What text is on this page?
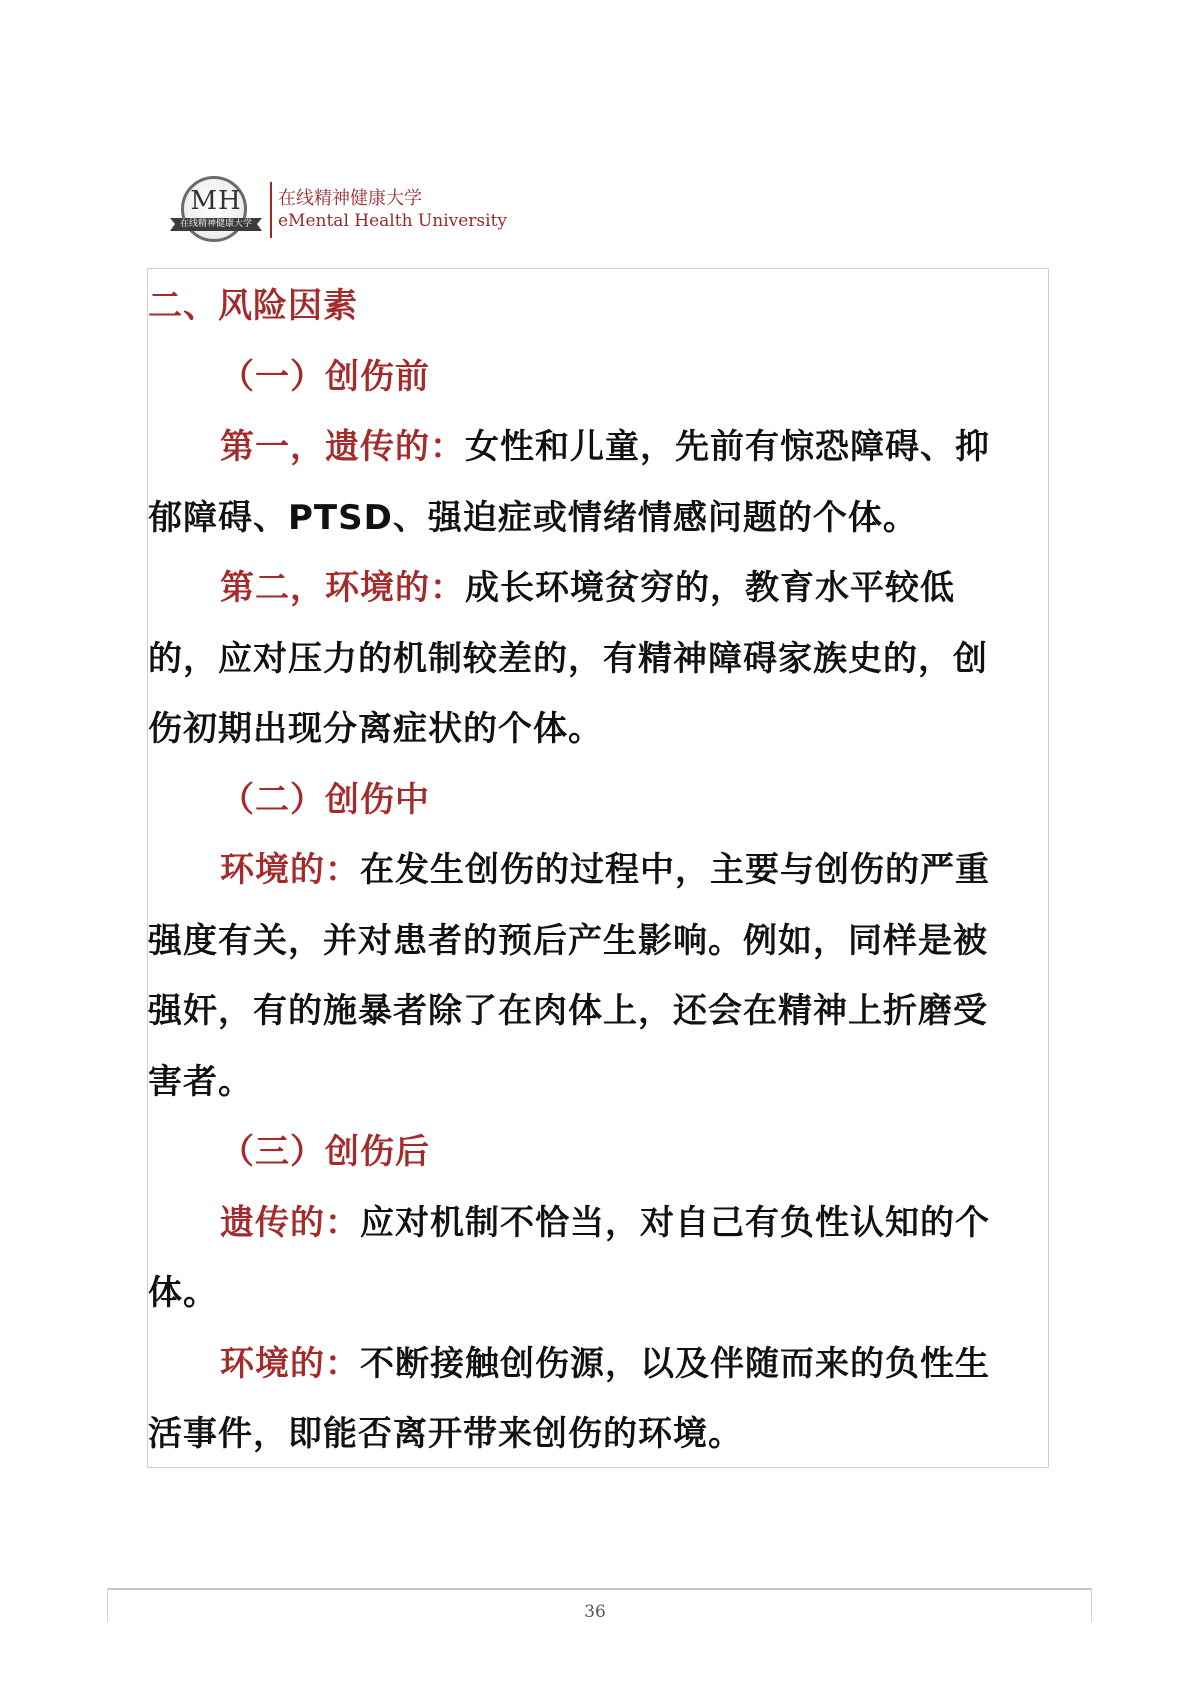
MH
在线精神健康大学
在线精神健康大学
eMental Health University
二、风险因素
（一）创伤前
第一，遗传的：女性和儿童，先前有惊恐障碍、抑
郁障碍、PTSD、强迫症或情绪情感问题的个体。
第二，环境的：成长环境贫穷的，教育水平较低
的，应对压力的机制较差的，有精神障碍家族史的，创
伤初期出现分离症状的个体。
（二）创伤中
环境的：在发生创伤的过程中，主要与创伤的严重
强度有关，并对患者的预后产生影响。例如，同样是被
强奸，有的施暴者除了在肉体上，还会在精神上折磨受
害者。
（三）创伤后
遗传的：应对机制不恰当，对自己有负性认知的个
体。
环境的：不断接触创伤源，以及伴随而来的负性生
活事件，即能否离开带来创伤的环境。
36
